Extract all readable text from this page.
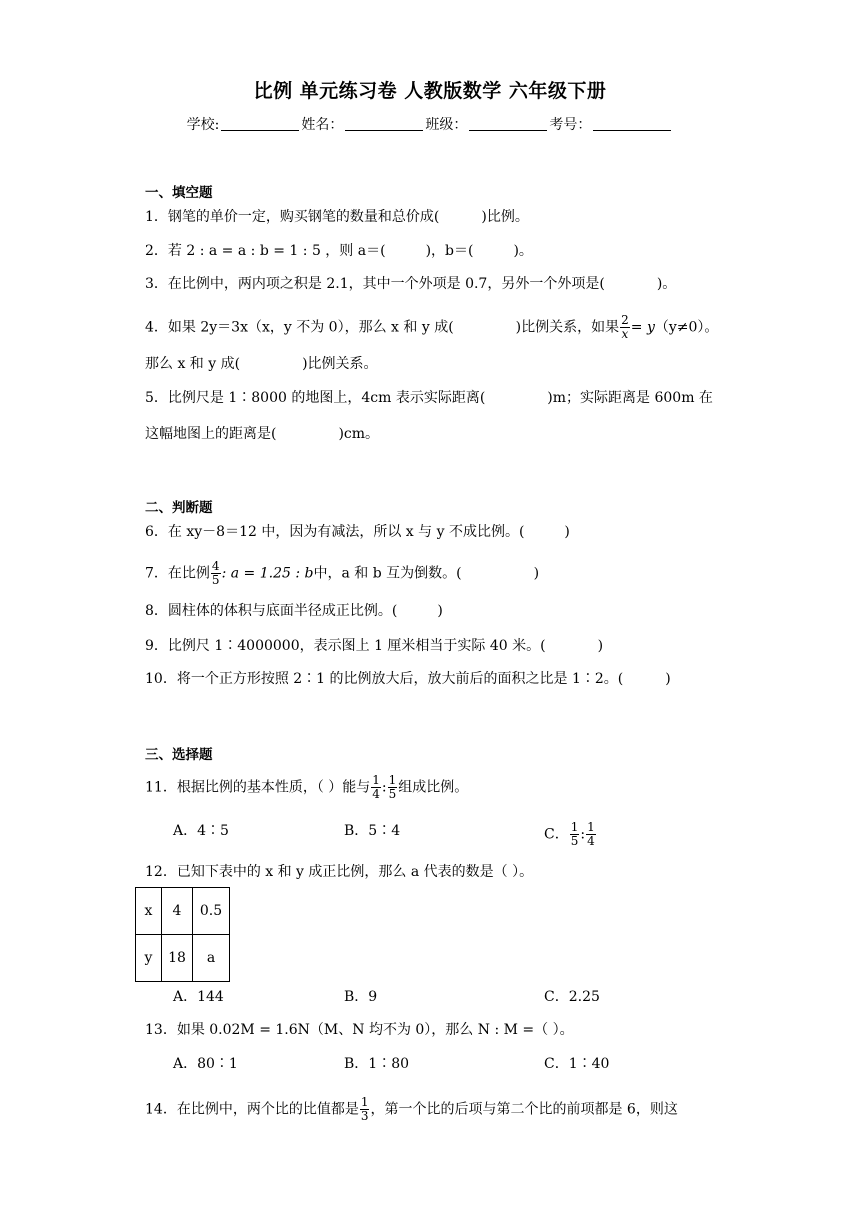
比例 单元练习卷 人教版数学 六年级下册
学校:	姓名：	班级：	考号：
一、填空题
1．钢笔的单价一定，购买钢笔的数量和总价成(	)比例。
2．若 2 : a = a : b = 1 : 5 ，则 a＝(	)，b＝(	)。
3．在比例中，两内项之积是 2.1，其中一个外项是 0.7，另外一个外项是(	)。
4．如果 2y＝3x（x，y 不为 0），那么 x 和 y 成(	)比例关系，如果 $\frac{2}{x} = y(y\ne 0)$。
那么 x 和 y 成(	)比例关系。
5．比例尺是 1∶8000 的地图上，4cm 表示实际距离(	)m；实际距离是 600m 在
这幅地图上的距离是(	)cm。
二、判断题
6．在 xy－8＝12 中，因为有减法，所以 x 与 y 不成比例。(	)
7．在比例 $\frac{4}{5}$ : a = 1.25 : b中，a 和 b 互为倒数。(	)
8．圆柱体的体积与底面半径成正比例。(	)
9．比例尺 1∶4000000，表示图上 1 厘米相当于实际 40 米。(	)
10．将一个正方形按照 2∶1 的比例放大后，放大前后的面积之比是 1∶2。(	)
三、选择题
11．根据比例的基本性质，（ ）能与 $\frac{1}{4}$ : $\frac{1}{5}$ 组成比例。
A．4∶5	B．5∶4	C． $\frac{1}{5}$ : $\frac{1}{4}$
12．已知下表中的 x 和 y 成正比例，那么 a 代表的数是（ ）。
x	4	0.5
y	18	a
A．144	B．9	C．2.25
13．如果 0.02M = 1.6N（M、N 均不为 0），那么 N : M =（ ）。
A．80∶1	B．1∶80	C．1∶40
14．在比例中，两个比的比值都是 $\frac{1}{3}$ ，第一个比的后项与第二个比的前项都是 6，则这
